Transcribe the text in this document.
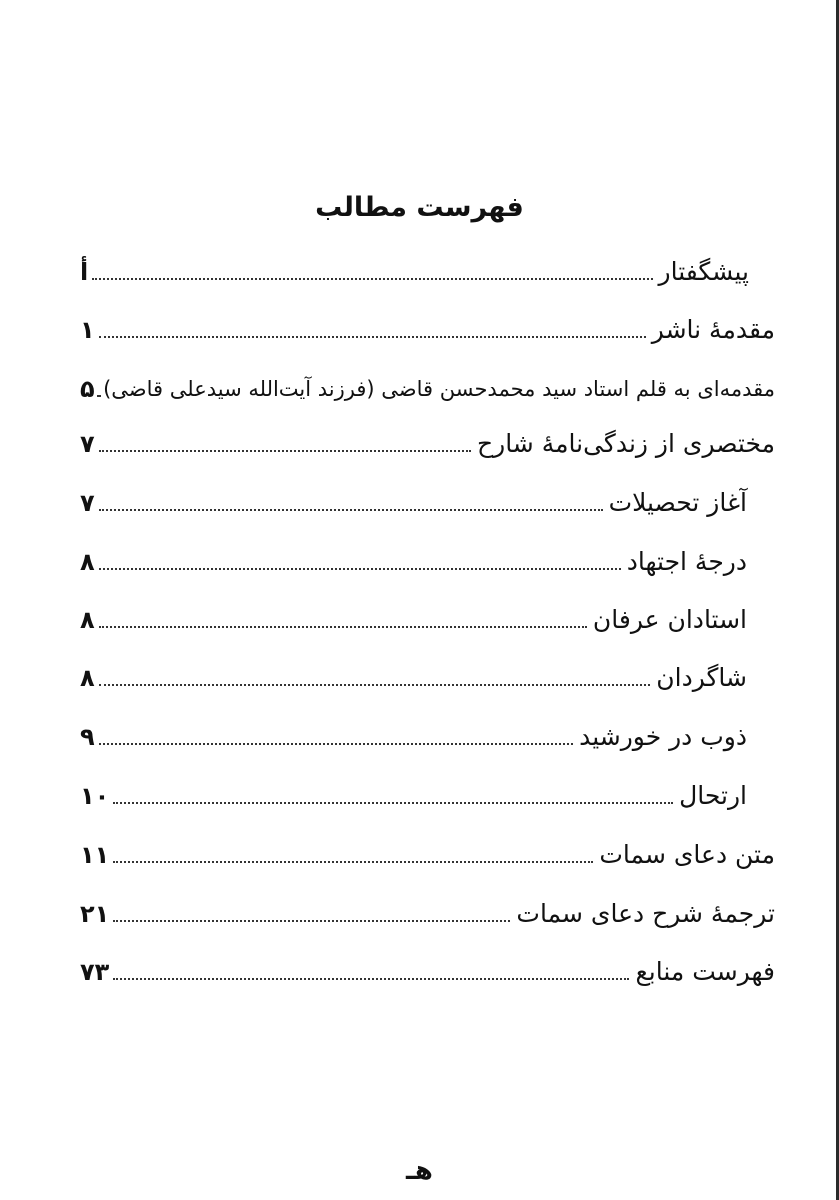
فهرست مطالب
پیشگفتار
أ
مقدمهٔ ناشر
۱
مقدمه‌ای به قلم استاد سید محمدحسن قاضی (فرزند آیت‌الله سیدعلی قاضی)
۵
مختصری از زندگی‌نامهٔ شارح
۷
آغاز تحصیلات
۷
درجهٔ اجتهاد
۸
استادان عرفان
۸
شاگردان
۸
ذوب در خورشید
۹
ارتحال
۱۰
متن دعای سمات
۱۱
ترجمهٔ شرح دعای سمات
۲۱
فهرست منابع
۷۳
هـ
